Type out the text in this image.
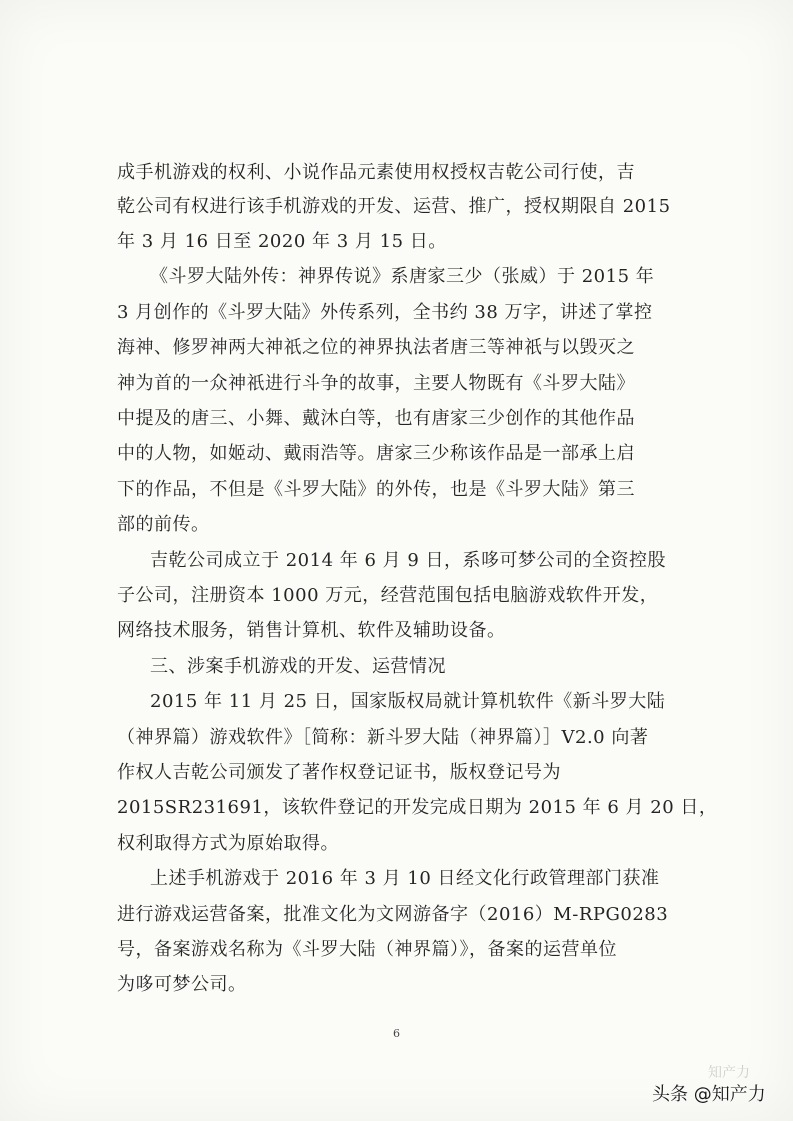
成手机游戏的权利、小说作品元素使用权授权吉乾公司行使，吉
乾公司有权进行该手机游戏的开发、运营、推广，授权期限自 2015
年 3 月 16 日至 2020 年 3 月 15 日。
《斗罗大陆外传：神界传说》系唐家三少（张威）于 2015 年
3 月创作的《斗罗大陆》外传系列，全书约 38 万字，讲述了掌控
海神、修罗神两大神祇之位的神界执法者唐三等神祇与以毁灭之
神为首的一众神祇进行斗争的故事，主要人物既有《斗罗大陆》
中提及的唐三、小舞、戴沐白等，也有唐家三少创作的其他作品
中的人物，如姬动、戴雨浩等。唐家三少称该作品是一部承上启
下的作品，不但是《斗罗大陆》的外传，也是《斗罗大陆》第三
部的前传。
吉乾公司成立于 2014 年 6 月 9 日，系哆可梦公司的全资控股
子公司，注册资本 1000 万元，经营范围包括电脑游戏软件开发，
网络技术服务，销售计算机、软件及辅助设备。
三、涉案手机游戏的开发、运营情况
2015 年 11 月 25 日，国家版权局就计算机软件《新斗罗大陆
（神界篇）游戏软件》［简称：新斗罗大陆（神界篇）］V2.0 向著
作权人吉乾公司颁发了著作权登记证书，版权登记号为
2015SR231691，该软件登记的开发完成日期为 2015 年 6 月 20 日，
权利取得方式为原始取得。
上述手机游戏于 2016 年 3 月 10 日经文化行政管理部门获准
进行游戏运营备案，批准文化为文网游备字（2016）M-RPG0283
号，备案游戏名称为《斗罗大陆（神界篇）》，备案的运营单位
为哆可梦公司。
6
知产力
头条 @知产力
